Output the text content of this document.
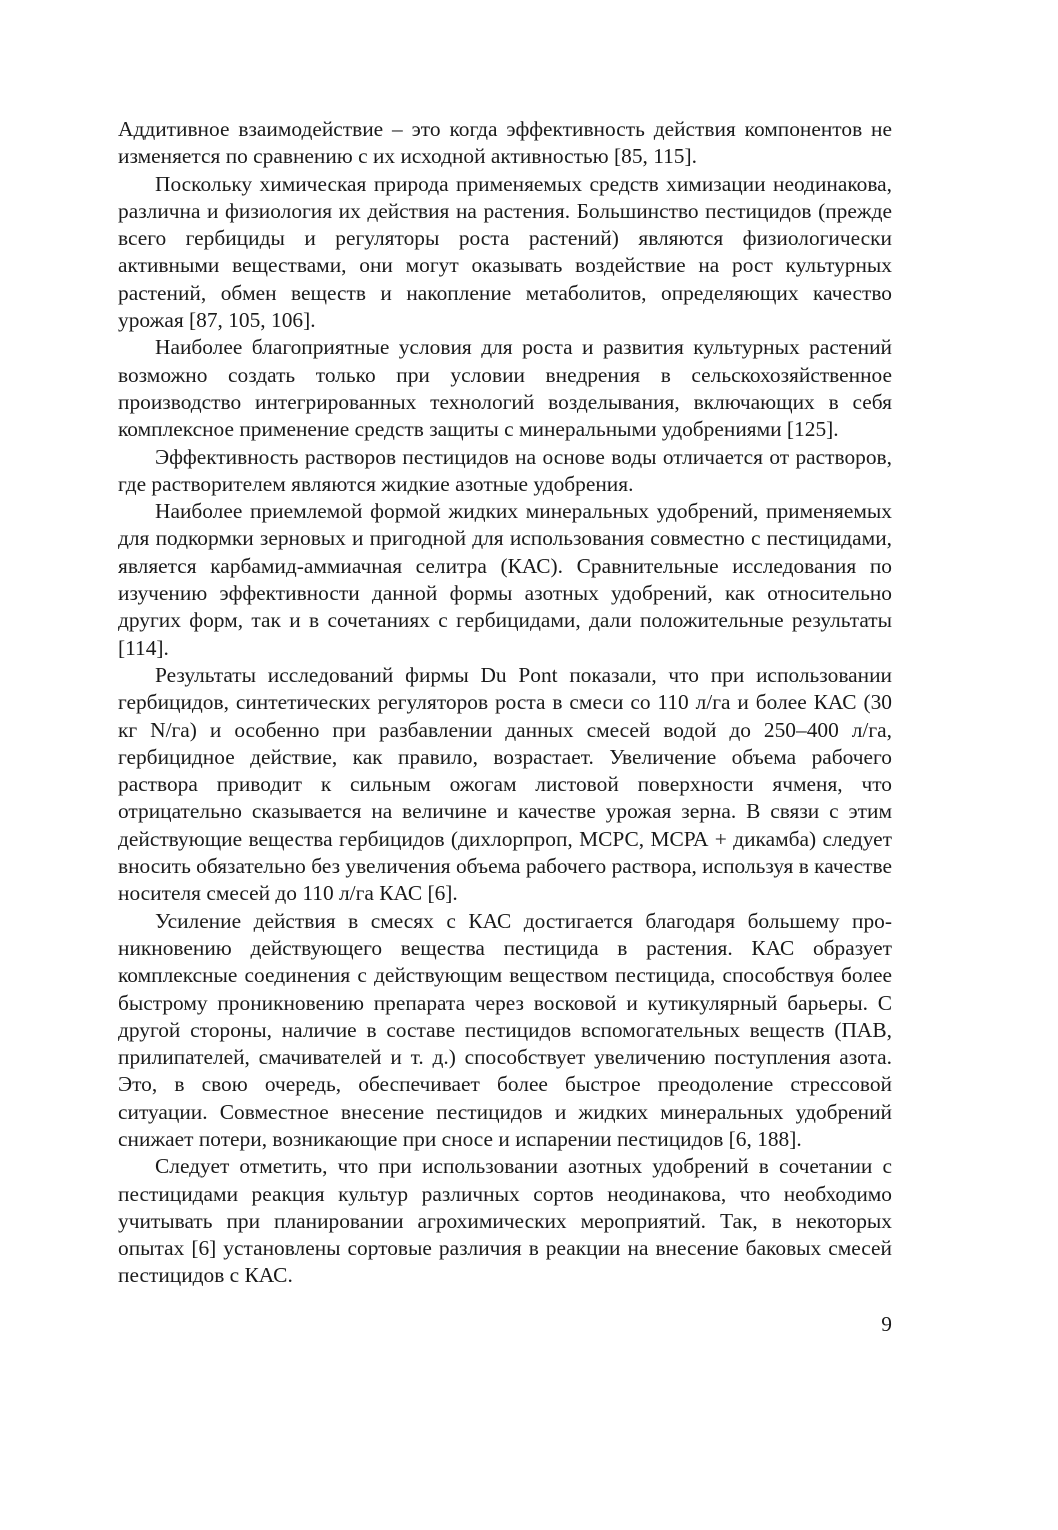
Аддитивное взаимодействие – это когда эффективность действия компонентов не изменяется по сравнению с их исходной активностью [85, 115].

Поскольку химическая природа применяемых средств химизации неодинакова, различна и физиология их действия на растения. Большинство пестицидов (прежде всего гербициды и регуляторы роста растений) являются физиологически активными веществами, они могут оказывать воздействие на рост культурных растений, обмен веществ и накопление метаболитов, определяющих качество урожая [87, 105, 106].

Наиболее благоприятные условия для роста и развития культурных растений возможно создать только при условии внедрения в сельскохозяйственное производство интегрированных технологий возделывания, включающих в себя комплексное применение средств защиты с минеральными удобрениями [125].

Эффективность растворов пестицидов на основе воды отличается от растворов, где растворителем являются жидкие азотные удобрения.

Наиболее приемлемой формой жидких минеральных удобрений, применяемых для подкормки зерновых и пригодной для использования совместно с пестицидами, является карбамид-аммиачная селитра (КАС). Сравнительные исследования по изучению эффективности данной формы азотных удобрений, как относительно других форм, так и в сочетаниях с гербицидами, дали положительные результаты [114].

Результаты исследований фирмы Du Pont показали, что при использовании гербицидов, синтетических регуляторов роста в смеси со 110 л/га и более КАС (30 кг N/га) и особенно при разбавлении данных смесей водой до 250–400 л/га, гербицидное действие, как правило, возрастает. Увеличение объема рабочего раствора приводит к сильным ожогам листовой поверхности ячменя, что отрицательно сказывается на величине и качестве урожая зерна. В связи с этим действующие вещества гербицидов (дихлорпроп, МСРС, МСРА + дикамба) следует вносить обязательно без увеличения объема рабочего раствора, используя в качестве носителя смесей до 110 л/га КАС [6].

Усиление действия в смесях с КАС достигается благодаря большему проникновению действующего вещества пестицида в растения. КАС образует комплексные соединения с действующим веществом пестицида, способствуя более быстрому проникновению препарата через восковой и кутикулярный барьеры. С другой стороны, наличие в составе пестицидов вспомогательных веществ (ПАВ, прилипателей, смачивателей и т. д.) способствует увеличению поступления азота. Это, в свою очередь, обеспечивает более быстрое преодоление стрессовой ситуации. Совместное внесение пестицидов и жидких минеральных удобрений снижает потери, возникающие при сносе и испарении пестицидов [6, 188].

Следует отметить, что при использовании азотных удобрений в сочетании с пестицидами реакция культур различных сортов неодинакова, что необходимо учитывать при планировании агрохимических мероприятий. Так, в некоторых опытах [6] установлены сортовые различия в реакции на внесение баковых смесей пестицидов с КАС.

9
